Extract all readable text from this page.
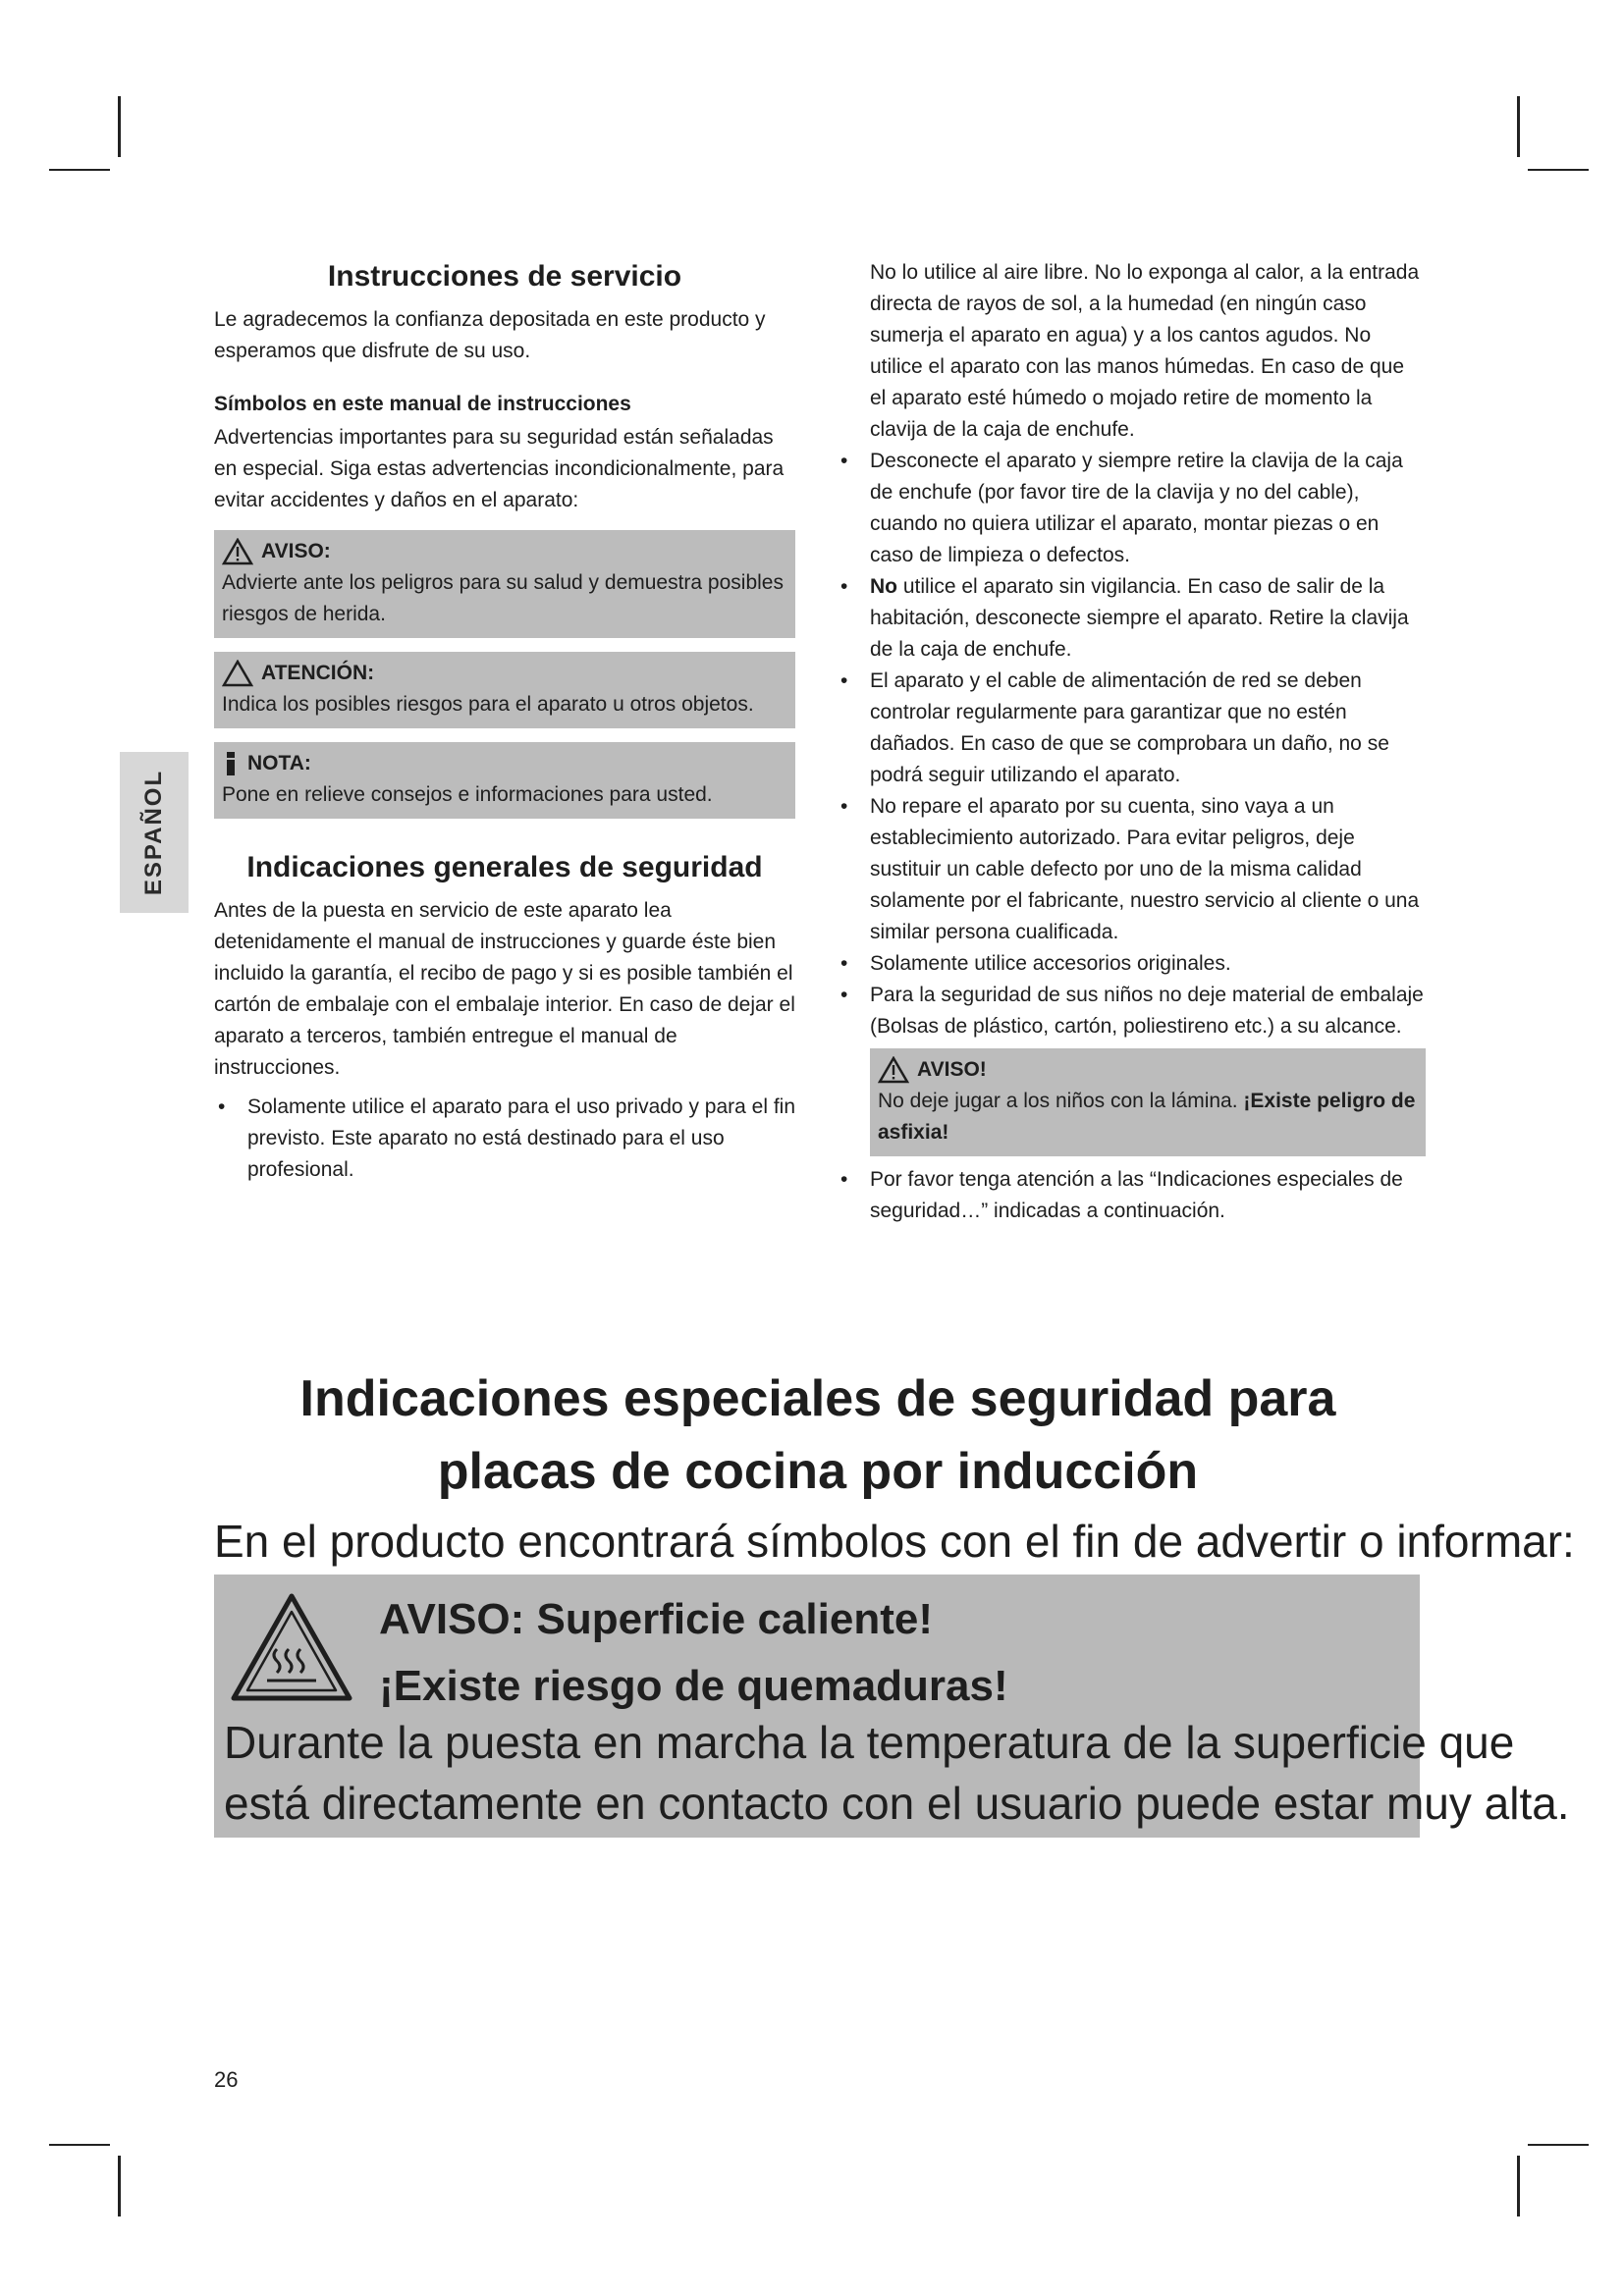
ESPAÑOL
Instrucciones de servicio

Le agradecemos la confianza depositada en este producto y esperamos que disfrute de su uso.

Símbolos en este manual de instrucciones

Advertencias importantes para su seguridad están señaladas en especial. Siga estas advertencias incondicionalmente, para evitar accidentes y daños en el aparato:

AVISO:

Advierte ante los peligros para su salud y demuestra posibles riesgos de herida.

ATENCIÓN:

Indica los posibles riesgos para el aparato u otros objetos.

NOTA:

Pone en relieve consejos e informaciones para usted.

Indicaciones generales de seguridad

Antes de la puesta en servicio de este aparato lea detenidamente el manual de instrucciones y guarde éste bien incluido la garantía, el recibo de pago y si es posible también el cartón de embalaje con el embalaje interior. En caso de dejar el aparato a terceros, también entregue el manual de instrucciones.

• Solamente utilice el aparato para el uso privado y para el fin previsto. Este aparato no está destinado para el uso profesional.

No lo utilice al aire libre. No lo exponga al calor, a la entrada directa de rayos de sol, a la humedad (en ningún caso sumerja el aparato en agua) y a los cantos agudos. No utilice el aparato con las manos húmedas. En caso de que el aparato esté húmedo o mojado retire de momento la clavija de la caja de enchufe.

• Desconecte el aparato y siempre retire la clavija de la caja de enchufe (por favor tire de la clavija y no del cable), cuando no quiera utilizar el aparato, montar piezas o en caso de limpieza o defectos.
• No utilice el aparato sin vigilancia. En caso de salir de la habitación, desconecte siempre el aparato. Retire la clavija de la caja de enchufe.
• El aparato y el cable de alimentación de red se deben controlar regularmente para garantizar que no estén dañados. En caso de que se comprobara un daño, no se podrá seguir utilizando el aparato.
• No repare el aparato por su cuenta, sino vaya a un establecimiento autorizado. Para evitar peligros, deje sustituir un cable defecto por uno de la misma calidad solamente por el fabricante, nuestro servicio al cliente o una similar persona cualificada.
• Solamente utilice accesorios originales.
• Para la seguridad de sus niños no deje material de embalaje (Bolsas de plástico, cartón, poliestireno etc.) a su alcance.
AVISO!

No deje jugar a los niños con la lámina. ¡Existe peligro de asfixia!

• Por favor tenga atención a las “Indicaciones especiales de seguridad…” indicadas a continuación.
Indicaciones especiales de seguridad para
placas de cocina por inducción
En el producto encontrará símbolos con el fin de advertir o informar:
AVISO: Superficie caliente!
¡Existe riesgo de quemaduras!
Durante la puesta en marcha la temperatura de la superficie que
está directamente en contacto con el usuario puede estar muy alta.
26
